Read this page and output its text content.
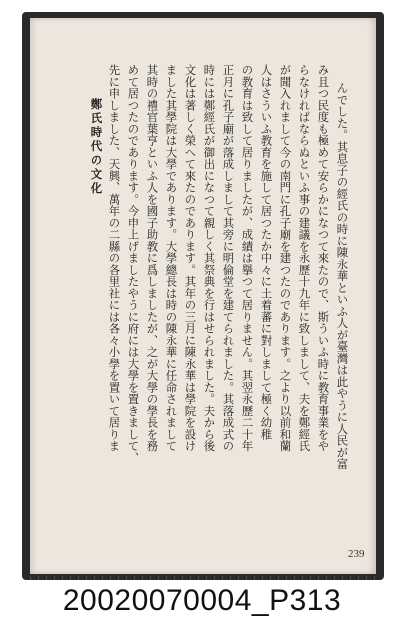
んでした。其息子の經氏の時に陳永華といふ人が臺灣は此やうに人民が富
み且つ民度も極めて安らかになつて來たので、斯ういふ時に教育事業をや
らなければならぬといふ事の建議を永歷十九年に致しまして、夫を鄭經氏
が聞入れまして今の南門に孔子廟を建つたのであります。之より以前和蘭
人はさういふ教育を施して居つたか中々に土着蕃に對しまして極く幼稚
の教育は致して居りましたが、成績は擧つて居りません。其翌永歷二十年
正月に孔子廟が落成しまして其旁に明倫堂を建てられました。其落成式の
時には鄭經氏が御出になつて親しく其祭典を行はせられました。夫から後
文化は著しく榮へて來たのであります。其年の三月に陳永華は學院を設け
ました其學院は大學であります。大學總長は時の陳永華に任命されまして
其時の禮官葉亨といふ人を國子助教に爲しましたが、之が大學の學長を務
めて居つたのであります。今申上げましたやうに府には大學を置きまして、
先に申しました、天興、萬年の二縣の各里社には各々小學を置いて居りま
鄭氏時代の文化
239
20020070004_P313
